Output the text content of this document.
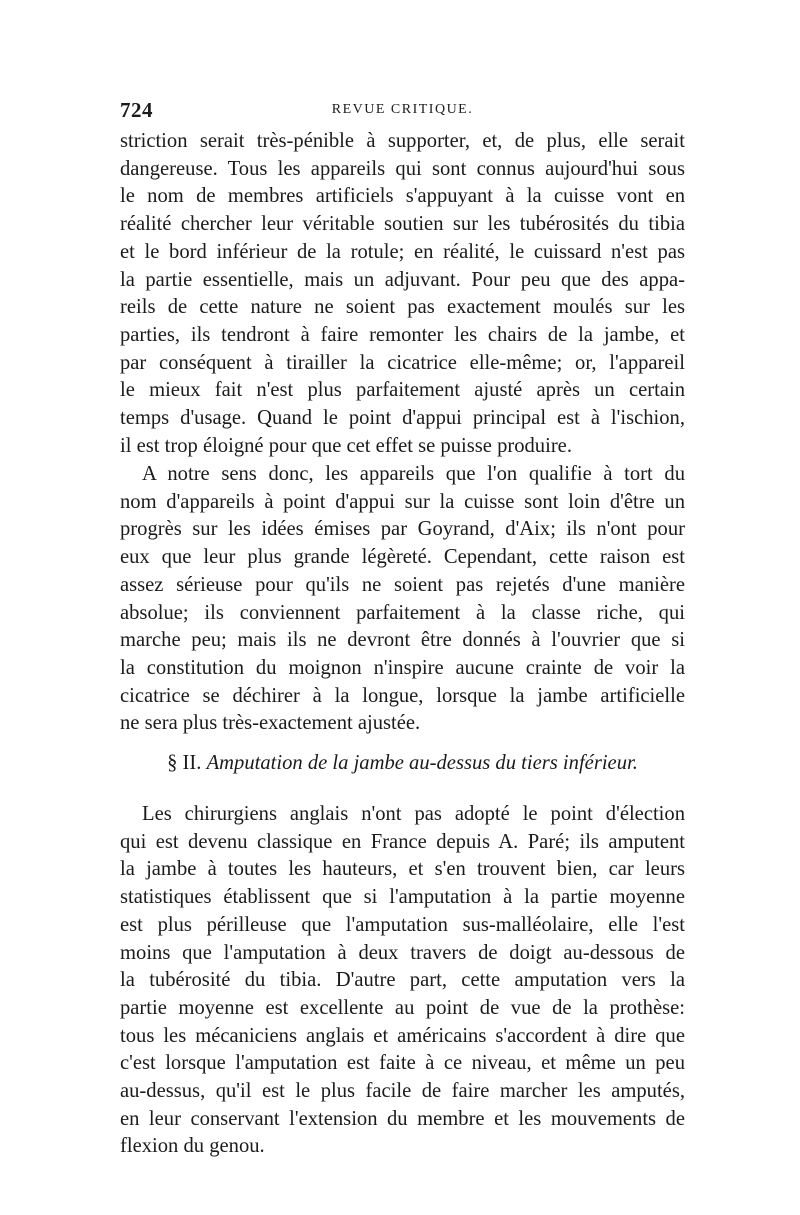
724	REVUE CRITIQUE.

striction serait très-pénible à supporter, et, de plus, elle serait

dangereuse. Tous les appareils qui sont connus aujourd'hui sous

le nom de membres artificiels s'appuyant à la cuisse vont en

réalité chercher leur véritable soutien sur les tubérosités du tibia

et le bord inférieur de la rotule; en réalité, le cuissard n'est pas

la partie essentielle, mais un adjuvant. Pour peu que des appa-

reils de cette nature ne soient pas exactement moulés sur les

parties, ils tendront à faire remonter les chairs de la jambe, et

par conséquent à tirailler la cicatrice elle-même; or, l'appareil

le mieux fait n'est plus parfaitement ajusté après un certain

temps d'usage. Quand le point d'appui principal est à l'ischion,

il est trop éloigné pour que cet effet se puisse produire.

A notre sens donc, les appareils que l'on qualifie à tort du

nom d'appareils à point d'appui sur la cuisse sont loin d'être un

progrès sur les idées émises par Goyrand, d'Aix; ils n'ont pour

eux que leur plus grande légèreté. Cependant, cette raison est

assez sérieuse pour qu'ils ne soient pas rejetés d'une manière

absolue; ils conviennent parfaitement à la classe riche, qui

marche peu; mais ils ne devront être donnés à l'ouvrier que si

la constitution du moignon n'inspire aucune crainte de voir la

cicatrice se déchirer à la longue, lorsque la jambe artificielle

ne sera plus très-exactement ajustée.

§ II. Amputation de la jambe au-dessus du tiers inférieur.

Les chirurgiens anglais n'ont pas adopté le point d'élection

qui est devenu classique en France depuis A. Paré; ils amputent

la jambe à toutes les hauteurs, et s'en trouvent bien, car leurs

statistiques établissent que si l'amputation à la partie moyenne

est plus périlleuse que l'amputation sus-malléolaire, elle l'est

moins que l'amputation à deux travers de doigt au-dessous de

la tubérosité du tibia. D'autre part, cette amputation vers la

partie moyenne est excellente au point de vue de la prothèse:

tous les mécaniciens anglais et américains s'accordent à dire que

c'est lorsque l'amputation est faite à ce niveau, et même un peu

au-dessus, qu'il est le plus facile de faire marcher les amputés,

en leur conservant l'extension du membre et les mouvements de

flexion du genou.
